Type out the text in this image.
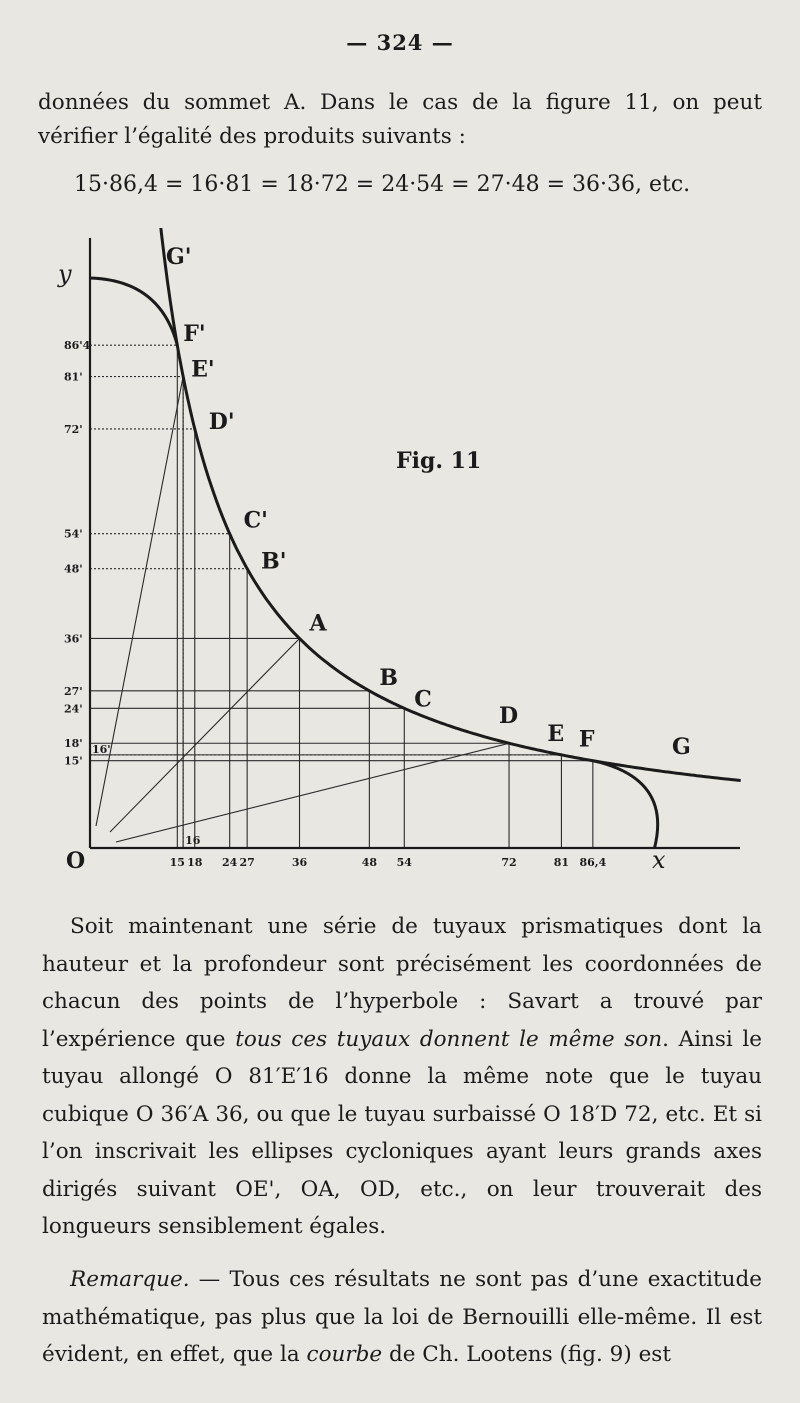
— 324 —
données du sommet A. Dans le cas de la figure 11, on peut vérifier l’égalité des produits suivants :
15·86,4 = 16·81 = 18·72 = 24·54 = 27·48 = 36·36, etc.
G'
F'
E'
D'
C'
B'
A
B
C
D
E F	G
y
x
O	15 18 24 27	36	48 54	72	81 86,4
86'4
81'
72'
54'
48'
36'
27'
24'
18'
15'
16
16'
Fig. 11
Soit maintenant une série de tuyaux prismatiques dont la hauteur et la profondeur sont précisément les coordonnées de chacun des points de l’hyperbole : Savart a trouvé par l’expérience que tous ces tuyaux donnent le même son. Ainsi le tuyau allongé O 81′E′16 donne la même note que le tuyau cubique O 36′A 36, ou que le tuyau surbaissé O 18′D 72, etc. Et si l’on inscrivait les ellipses cycloniques ayant leurs grands axes dirigés suivant OE', OA, OD, etc., on leur trouverait des longueurs sensiblement égales.
Remarque. — Tous ces résultats ne sont pas d’une exactitude mathématique, pas plus que la loi de Bernouilli elle-même. Il est évident, en effet, que la courbe de Ch. Lootens (fig. 9) est
